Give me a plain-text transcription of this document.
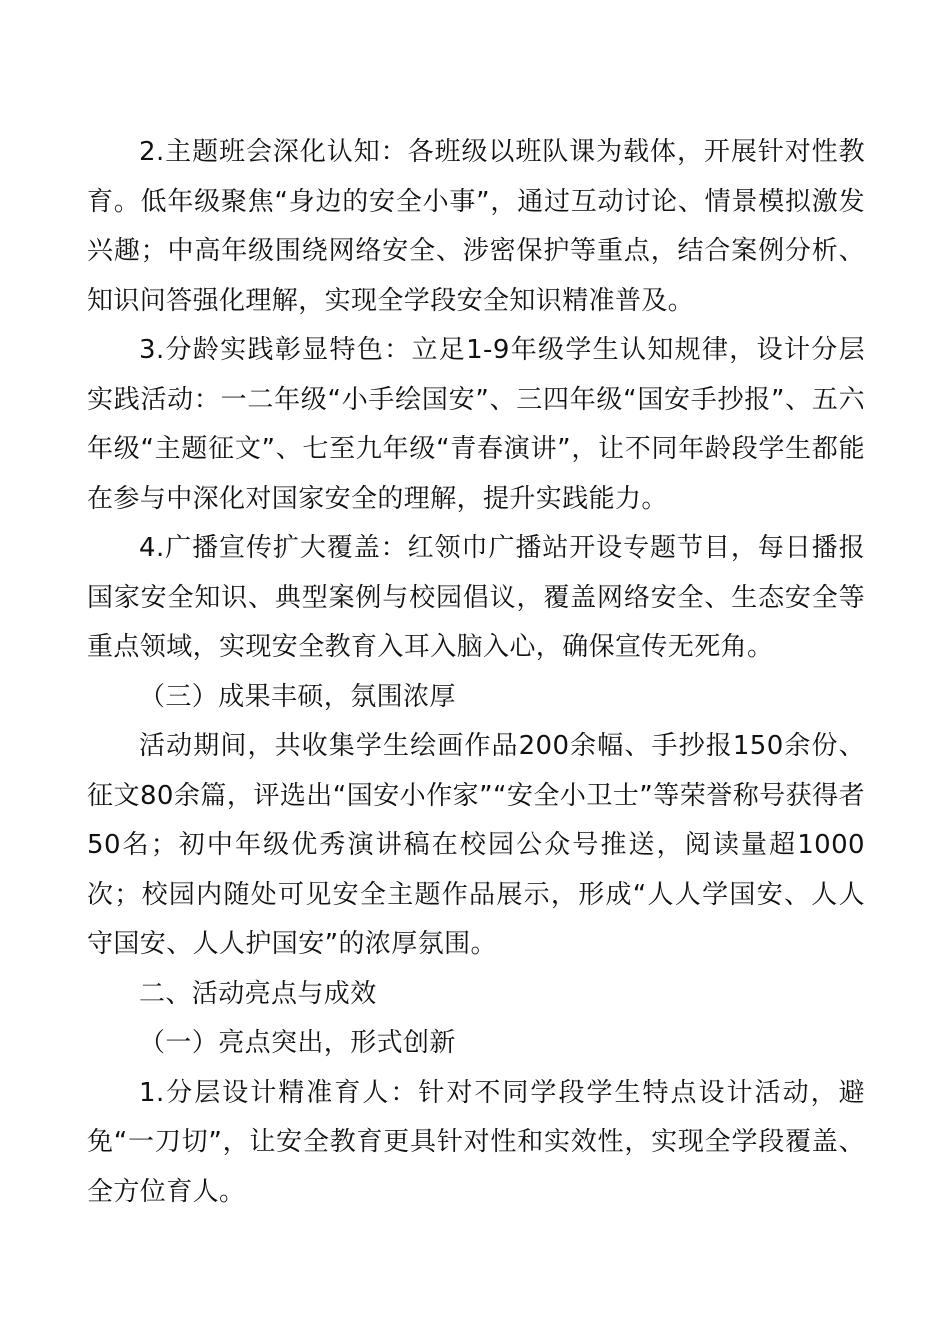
2.主题班会深化认知：各班级以班队课为载体，开展针对性教育。低年级聚焦“身边的安全小事”，通过互动讨论、情景模拟激发兴趣；中高年级围绕网络安全、涉密保护等重点，结合案例分析、知识问答强化理解，实现全学段安全知识精准普及。

3.分龄实践彰显特色：立足1-9年级学生认知规律，设计分层实践活动：一二年级“小手绘国安”、三四年级“国安手抄报”、五六年级“主题征文”、七至九年级“青春演讲”，让不同年龄段学生都能在参与中深化对国家安全的理解，提升实践能力。

4.广播宣传扩大覆盖：红领巾广播站开设专题节目，每日播报国家安全知识、典型案例与校园倡议，覆盖网络安全、生态安全等重点领域，实现安全教育入耳入脑入心，确保宣传无死角。

（三）成果丰硕，氛围浓厚

活动期间，共收集学生绘画作品200余幅、手抄报150余份、征文80余篇，评选出“国安小作家”“安全小卫士”等荣誉称号获得者50名；初中年级优秀演讲稿在校园公众号推送，阅读量超1000次；校园内随处可见安全主题作品展示，形成“人人学国安、人人守国安、人人护国安”的浓厚氛围。

二、活动亮点与成效

（一）亮点突出，形式创新

1.分层设计精准育人：针对不同学段学生特点设计活动，避免“一刀切”，让安全教育更具针对性和实效性，实现全学段覆盖、全方位育人。
